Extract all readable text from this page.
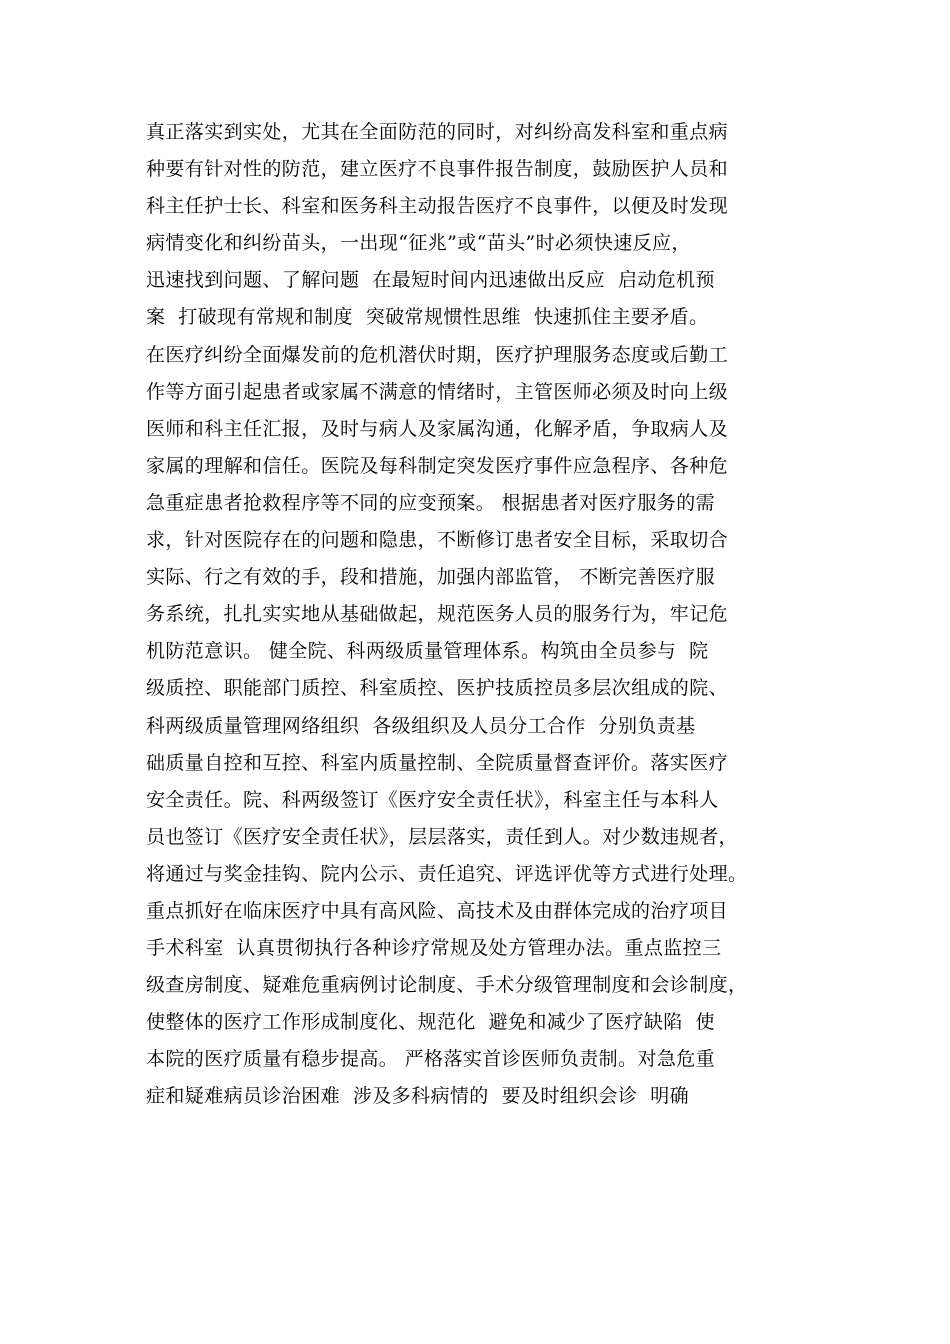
真正落实到实处，尤其在全面防范的同时，对纠纷高发科室和重点病
种要有针对性的防范，建立医疗不良事件报告制度，鼓励医护人员和
科主任护士长、科室和医务科主动报告医疗不良事件，以便及时发现
病情变化和纠纷苗头，一出现“征兆”或“苗头”时必须快速反应，
迅速找到问题、了解问题  在最短时间内迅速做出反应  启动危机预
案  打破现有常规和制度  突破常规惯性思维  快速抓住主要矛盾。
在医疗纠纷全面爆发前的危机潜伏时期，医疗护理服务态度或后勤工
作等方面引起患者或家属不满意的情绪时，主管医师必须及时向上级
医师和科主任汇报，及时与病人及家属沟通，化解矛盾，争取病人及
家属的理解和信任。医院及每科制定突发医疗事件应急程序、各种危
急重症患者抢救程序等不同的应变预案。 根据患者对医疗服务的需
求，针对医院存在的问题和隐患，不断修订患者安全目标，采取切合
实际、行之有效的手，段和措施，加强内部监管， 不断完善医疗服
务系统，扎扎实实地从基础做起，规范医务人员的服务行为，牢记危
机防范意识。 健全院、科两级质量管理体系。构筑由全员参与  院
级质控、职能部门质控、科室质控、医护技质控员多层次组成的院、
科两级质量管理网络组织  各级组织及人员分工合作  分别负责基
础质量自控和互控、科室内质量控制、全院质量督查评价。落实医疗
安全责任。院、科两级签订《医疗安全责任状》，科室主任与本科人
员也签订《医疗安全责任状》，层层落实，责任到人。对少数违规者，
将通过与奖金挂钩、院内公示、责任追究、评选评优等方式进行处理。
重点抓好在临床医疗中具有高风险、高技术及由群体完成的治疗项目
手术科室  认真贯彻执行各种诊疗常规及处方管理办法。重点监控三
级查房制度、疑难危重病例讨论制度、手术分级管理制度和会诊制度，
使整体的医疗工作形成制度化、规范化  避免和减少了医疗缺陷  使
本院的医疗质量有稳步提高。 严格落实首诊医师负责制。对急危重
症和疑难病员诊治困难  涉及多科病情的  要及时组织会诊  明确
